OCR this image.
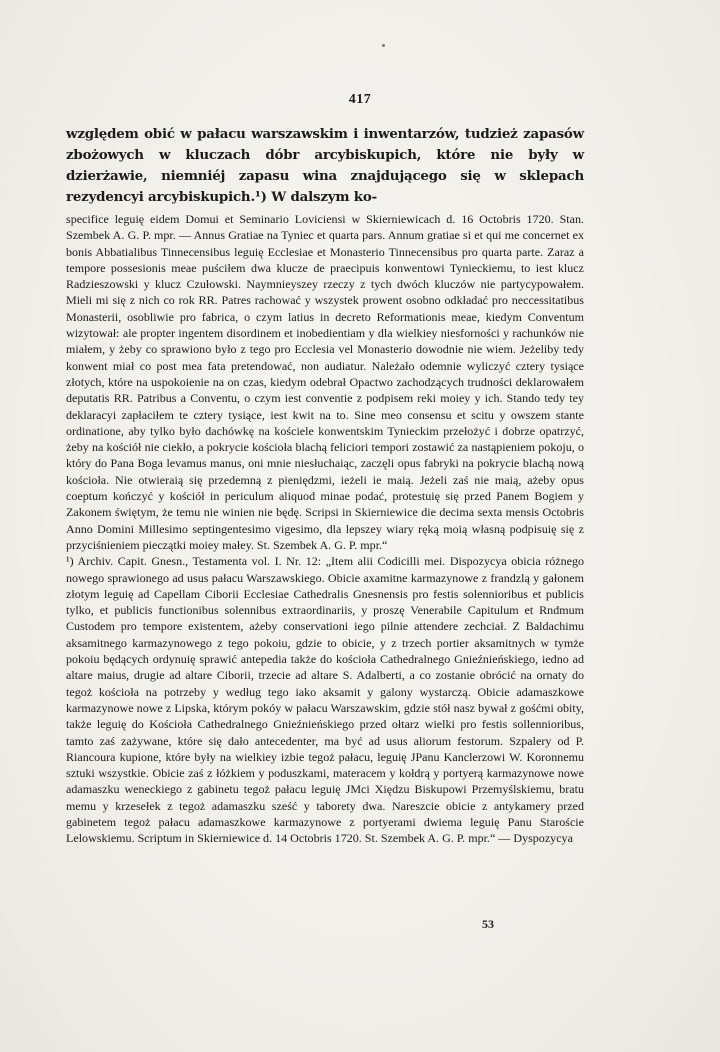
417
względem obić w pałacu warszawskim i inwentarzów, tudzież zapasów zbożowych w kluczach dóbr arcybiskupich, które nie były w dzierżawie, niemniéj zapasu wina znajdującego się w sklepach rezydencyi arcybiskupich.¹) W dalszym ko-

specifice leguię eidem Domui et Seminario Loviciensi w Skierniewicach d. 16 Octobris 1720. Stan. Szembek A. G. P. mpr. — Annus Gratiae na Tyniec et quarta pars. Annum gratiae si et qui me concernet ex bonis Abbatialibus Tinnecensibus leguię Ecclesiae et Monasterio Tinnecensibus pro quarta parte. Zaraz a tempore possesionis meae puściłem dwa klucze de praecipuis konwentowi Tynieckiemu, to iest klucz Radzieszowski y klucz Czułowski. Naymnieyszey rzeczy z tych dwóch kluczów nie partycypowałem. Mieli mi się z nich co rok RR. Patres rachować y wszystek prowent osobno odkładać pro neccessitatibus Monasterii, osobliwie pro fabrica, o czym latius in decreto Reformationis meae, kiedym Conventum wizytował: ale propter ingentem disordinem et inobedientiam y dla wielkiey niesforności y rachunków nie miałem, y żeby co sprawiono było z tego pro Ecclesia vel Monasterio dowodnie nie wiem. Jeżeliby tedy konwent miał co post mea fata pretendować, non audiatur. Należało odemnie wyliczyć cztery tysiące złotych, które na uspokoienie na on czas, kiedym odebrał Opactwo zachodzących trudności deklarowałem deputatis RR. Patribus a Conventu, o czym iest conventie z podpisem reki moiey y ich. Stando tedy tey deklaracyi zapłaciłem te cztery tysiące, iest kwit na to. Sine meo consensu et scitu y owszem stante ordinatione, aby tylko było dachówkę na kościele konwentskim Tynieckim przełożyć i dobrze opatrzyć, żeby na kościół nie ciekło, a pokrycie kościoła blachą feliciori tempori zostawić za nastąpieniem pokoju, o który do Pana Boga levamus manus, oni mnie niesłuchaiąc, zaczęli opus fabryki na pokrycie blachą nową kościoła. Nie otwieraią się przedemną z pieniędzmi, ieżeli ie maią. Jeżeli zaś nie maią, ażeby opus coeptum kończyć y kościół in periculum aliquod minae podać, protestuię się przed Panem Bogiem y Zakonem świętym, że temu nie winien nie będę. Scripsi in Skierniewice die decima sexta mensis Octobris Anno Domini Millesimo septingentesimo vigesimo, dla lepszey wiary ręką moią własną podpisuię się z przyciśnieniem pieczątki moiey małey. St. Szembek A. G. P. mpr.“

¹) Archiv. Capit. Gnesn., Testamenta vol. I. Nr. 12: „Item alii Codicilli mei. Dispozycya obicia różnego nowego sprawionego ad usus pałacu Warszawskiego. Obicie axamitne karmazynowe z frandzlą y gałonem złotym leguię ad Capellam Ciborii Ecclesiae Cathedralis Gnesnensis pro festis solennioribus et publicis tylko, et publicis functionibus solennibus extraordinariis, y proszę Venerabile Capitulum et Rndmum Custodem pro tempore existentem, ażeby conservationi iego pilnie attendere zechciał. Z Baldachimu aksamitnego karmazynowego z tego pokoiu, gdzie to obicie, y z trzech portier aksamitnych w tymże pokoiu będących ordynuię sprawić antepedia także do kościoła Cathedralnego Gnieźnieńskiego, iedno ad altare maius, drugie ad altare Ciborii, trzecie ad altare S. Adalberti, a co zostanie obrócić na ornaty do tegoż kościoła na potrzeby y według tego iako aksamit y galony wystarczą. Obicie adamaszkowe karmazynowe nowe z Lipska, którym pokóy w pałacu Warszawskim, gdzie stół nasz bywał z gośćmi obity, także leguię do Kościoła Cathedralnego Gnieźnieńskiego przed ołtarz wielki pro festis sollennioribus, tamto zaś zażywane, które się dało antecedenter, ma być ad usus aliorum festorum. Szpalery od P. Riancoura kupione, które były na wielkiey izbie tegoż pałacu, leguię JPanu Kanclerzowi W. Koronnemu sztuki wszystkie. Obicie zaś z łóżkiem y poduszkami, materacem y kołdrą y portyerą karmazynowe nowe adamaszku weneckiego z gabinetu tegoż pałacu leguię JMci Xiędzu Biskupowi Przemyślskiemu, bratu memu y krzesełek z tegoż adamaszku sześć y taborety dwa. Nareszcie obicie z antykamery przed gabinetem tegoż pałacu adamaszkowe karmazynowe z portyerami dwiema leguię Panu Staroście Lelowskiemu. Scriptum in Skierniewice d. 14 Octobris 1720. St. Szembek A. G. P. mpr.“ — Dyspozycya

53
